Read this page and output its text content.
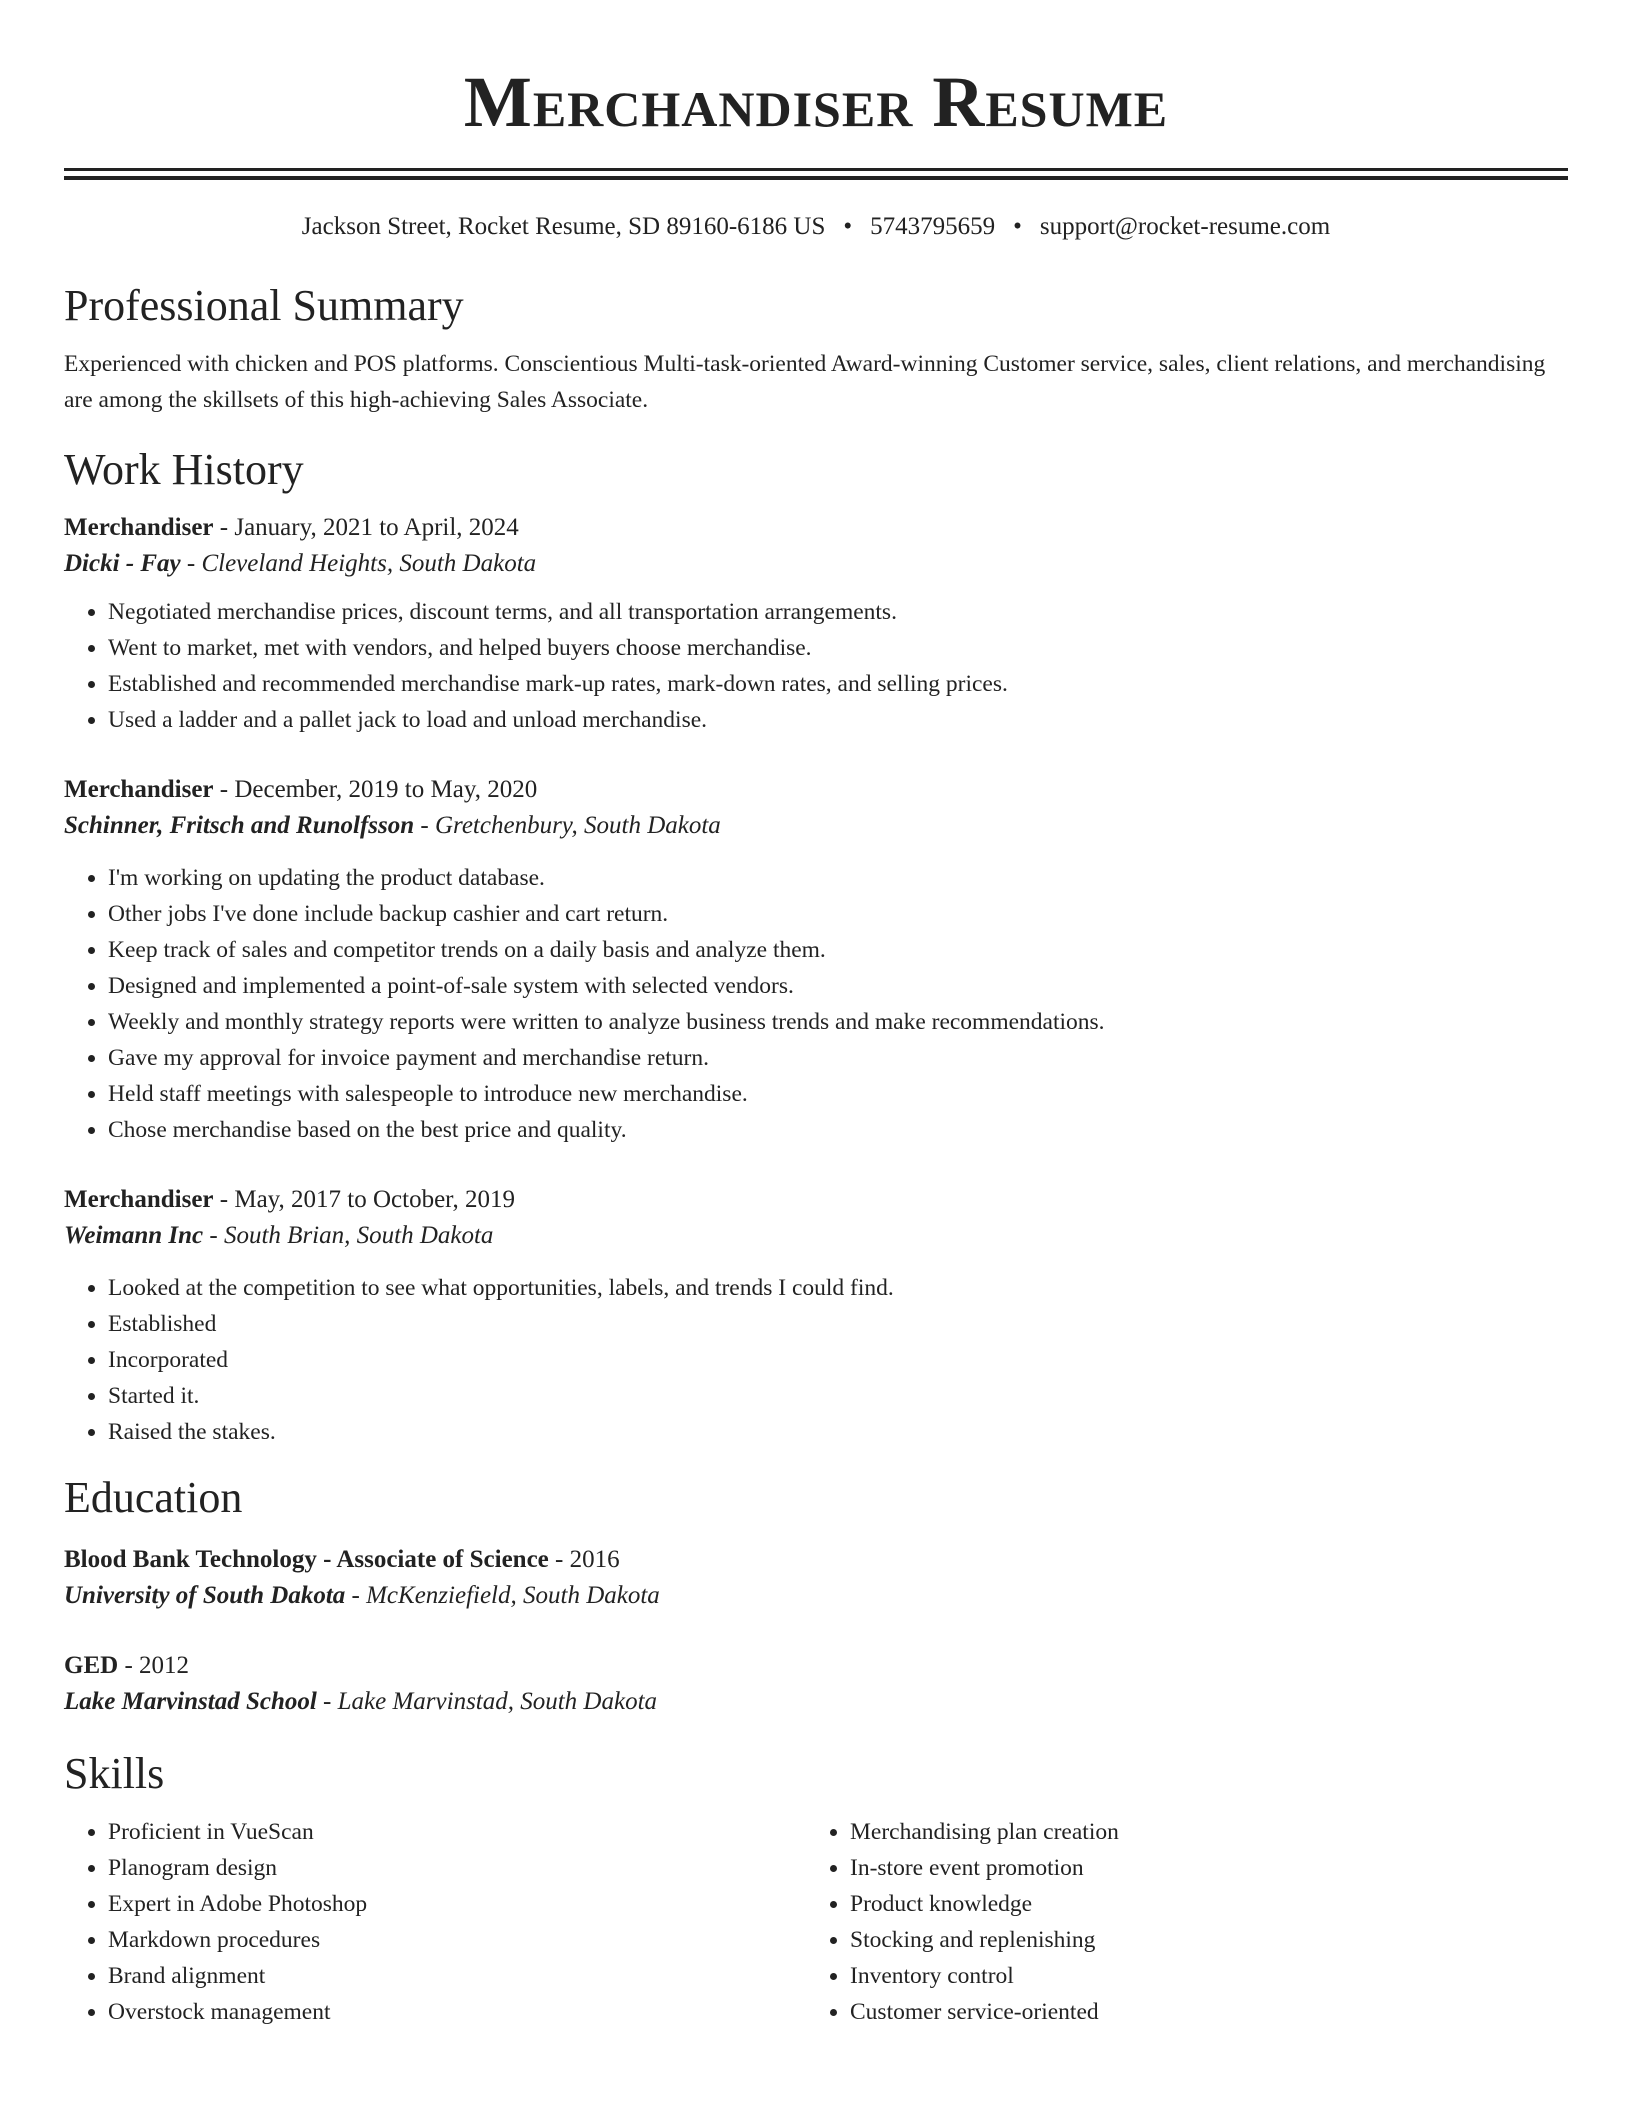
Merchandiser Resume
Jackson Street, Rocket Resume, SD 89160-6186 US • 5743795659 • support@rocket-resume.com
Professional Summary
Experienced with chicken and POS platforms. Conscientious Multi-task-oriented Award-winning Customer service, sales, client relations, and merchandising are among the skillsets of this high-achieving Sales Associate.
Work History
Merchandiser - January, 2021 to April, 2024
Dicki - Fay - Cleveland Heights, South Dakota
• Negotiated merchandise prices, discount terms, and all transportation arrangements.
• Went to market, met with vendors, and helped buyers choose merchandise.
• Established and recommended merchandise mark-up rates, mark-down rates, and selling prices.
• Used a ladder and a pallet jack to load and unload merchandise.
Merchandiser - December, 2019 to May, 2020
Schinner, Fritsch and Runolfsson - Gretchenbury, South Dakota
• I'm working on updating the product database.
• Other jobs I've done include backup cashier and cart return.
• Keep track of sales and competitor trends on a daily basis and analyze them.
• Designed and implemented a point-of-sale system with selected vendors.
• Weekly and monthly strategy reports were written to analyze business trends and make recommendations.
• Gave my approval for invoice payment and merchandise return.
• Held staff meetings with salespeople to introduce new merchandise.
• Chose merchandise based on the best price and quality.
Merchandiser - May, 2017 to October, 2019
Weimann Inc - South Brian, South Dakota
• Looked at the competition to see what opportunities, labels, and trends I could find.
• Established
• Incorporated
• Started it.
• Raised the stakes.
Education
Blood Bank Technology - Associate of Science - 2016
University of South Dakota - McKenziefield, South Dakota
GED - 2012
Lake Marvinstad School - Lake Marvinstad, South Dakota
Skills
• Proficient in VueScan
• Planogram design
• Expert in Adobe Photoshop
• Markdown procedures
• Brand alignment
• Overstock management
• Merchandising plan creation
• In-store event promotion
• Product knowledge
• Stocking and replenishing
• Inventory control
• Customer service-oriented
